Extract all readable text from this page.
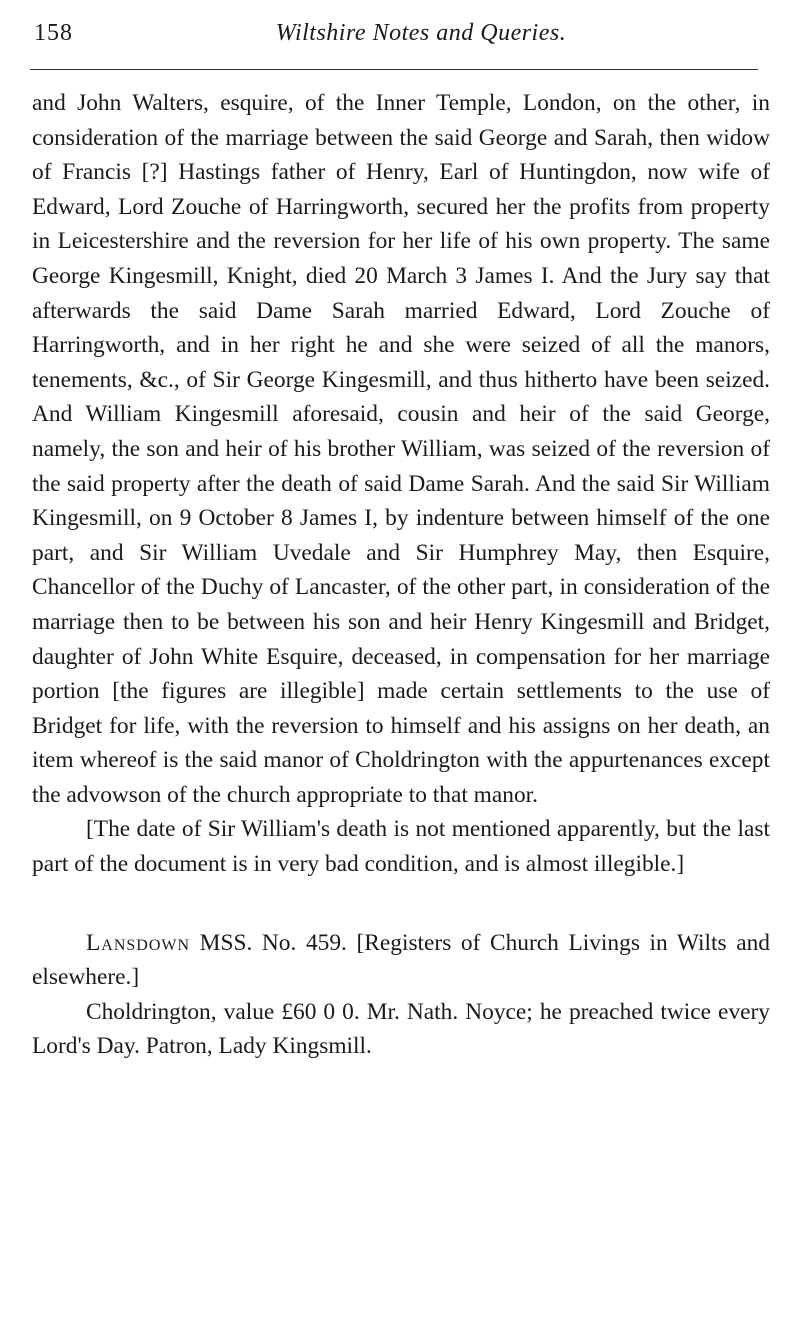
158	Wiltshire Notes and Queries.

and John Walters, esquire, of the Inner Temple, London, on the other, in consideration of the marriage between the said George and Sarah, then widow of Francis [?] Hastings father of Henry, Earl of Huntingdon, now wife of Edward, Lord Zouche of Harringworth, secured her the profits from property in Leicestershire and the reversion for her life of his own property. The same George Kingesmill, Knight, died 20 March 3 James I. And the Jury say that afterwards the said Dame Sarah married Edward, Lord Zouche of Harringworth, and in her right he and she were seized of all the manors, tenements, &c., of Sir George Kingesmill, and thus hitherto have been seized. And William Kingesmill aforesaid, cousin and heir of the said George, namely, the son and heir of his brother William, was seized of the reversion of the said property after the death of said Dame Sarah. And the said Sir William Kingesmill, on 9 October 8 James I, by indenture between himself of the one part, and Sir William Uvedale and Sir Humphrey May, then Esquire, Chancellor of the Duchy of Lancaster, of the other part, in consideration of the marriage then to be between his son and heir Henry Kingesmill and Bridget, daughter of John White Esquire, deceased, in compensation for her marriage portion [the figures are illegible] made certain settlements to the use of Bridget for life, with the reversion to himself and his assigns on her death, an item whereof is the said manor of Choldrington with the appurtenances except the advowson of the church appropriate to that manor.

[The date of Sir William's death is not mentioned apparently, but the last part of the document is in very bad condition, and is almost illegible.]

Lansdown MSS. No. 459. [Registers of Church Livings in Wilts and elsewhere.]

Choldrington, value £60 0 0. Mr. Nath. Noyce; he preached twice every Lord's Day. Patron, Lady Kingsmill.
